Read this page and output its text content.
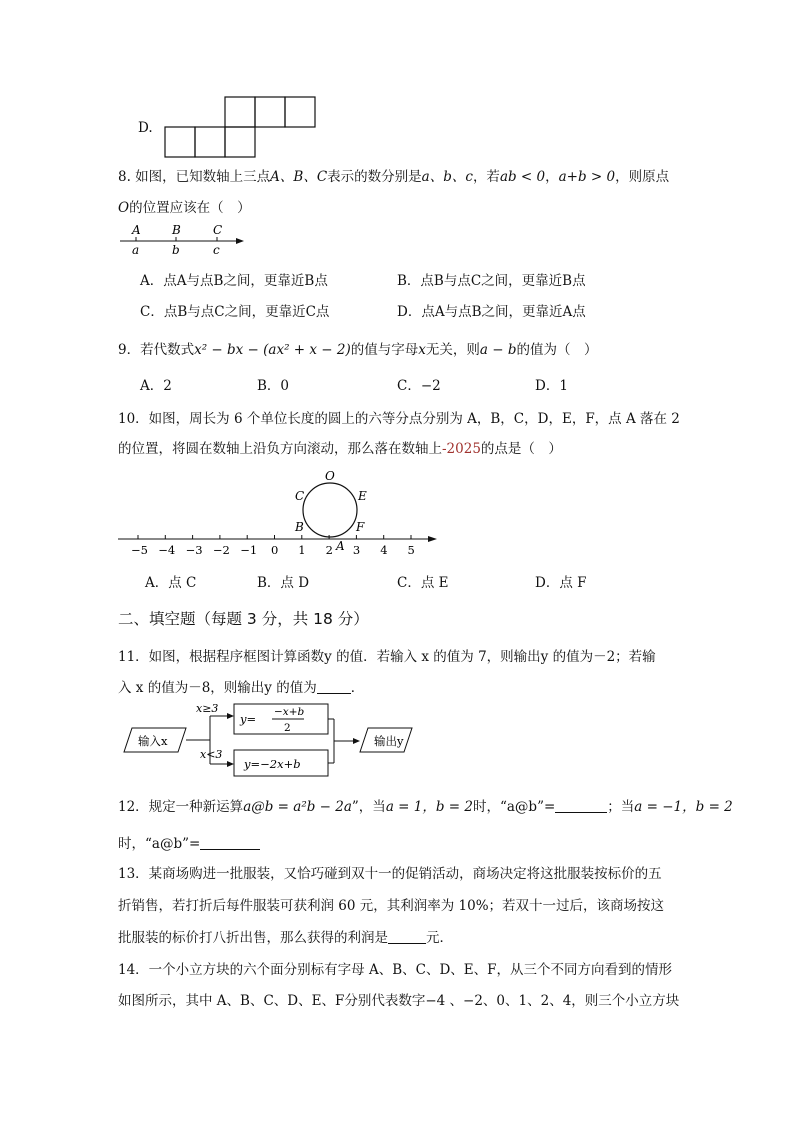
D.
8. 如图，已知数轴上三点A、B、C表示的数分别是a、b、c，若ab < 0，a+b > 0，则原点
O的位置应该在（　）
A	B	C
a	b	c
A．点A与点B之间，更靠近B点	B．点B与点C之间，更靠近B点
C．点B与点C之间，更靠近C点	D．点A与点B之间，更靠近A点
9．若代数式x² − bx − (ax² + x − 2)的值与字母x无关，则a − b的值为（　）
A．2	B．0	C．−2	D．1
10．如图，周长为 6 个单位长度的圆上的六等分点分别为 A，B，C，D，E，F，点 A 落在 2
的位置，将圆在数轴上沿负方向滚动，那么落在数轴上-2025的点是（　）
−5 −4 −3 −2 −1 0 1 2 3 4 5
O
C	E
B	F
A
A．点 C	B．点 D	C．点 E	D．点 F
二、填空题（每题 3 分，共 18 分）
11．如图，根据程序框图计算函数y 的值．若输入 x 的值为 7，则输出y 的值为－2；若输
入 x 的值为－8，则输出y 的值为	．
输入x	输出y
x≥3
x<3
y= −x+b
2
y=−2x+b
12．规定一种新运算a@b = a²b − 2a”，当a = 1，b = 2时，“a@b”=	；当a = −1，b = 2
时，“a@b”=
13．某商场购进一批服装，又恰巧碰到双十一的促销活动，商场决定将这批服装按标价的五
折销售，若打折后每件服装可获利润 60 元，其利润率为 10%；若双十一过后，该商场按这
批服装的标价打八折出售，那么获得的利润是	元．
14．一个小立方块的六个面分别标有字母 A、B、C、D、E、F，从三个不同方向看到的情形
如图所示，其中 A、B、C、D、E、F分别代表数字−4 、−2、0、1、2、4，则三个小立方块
